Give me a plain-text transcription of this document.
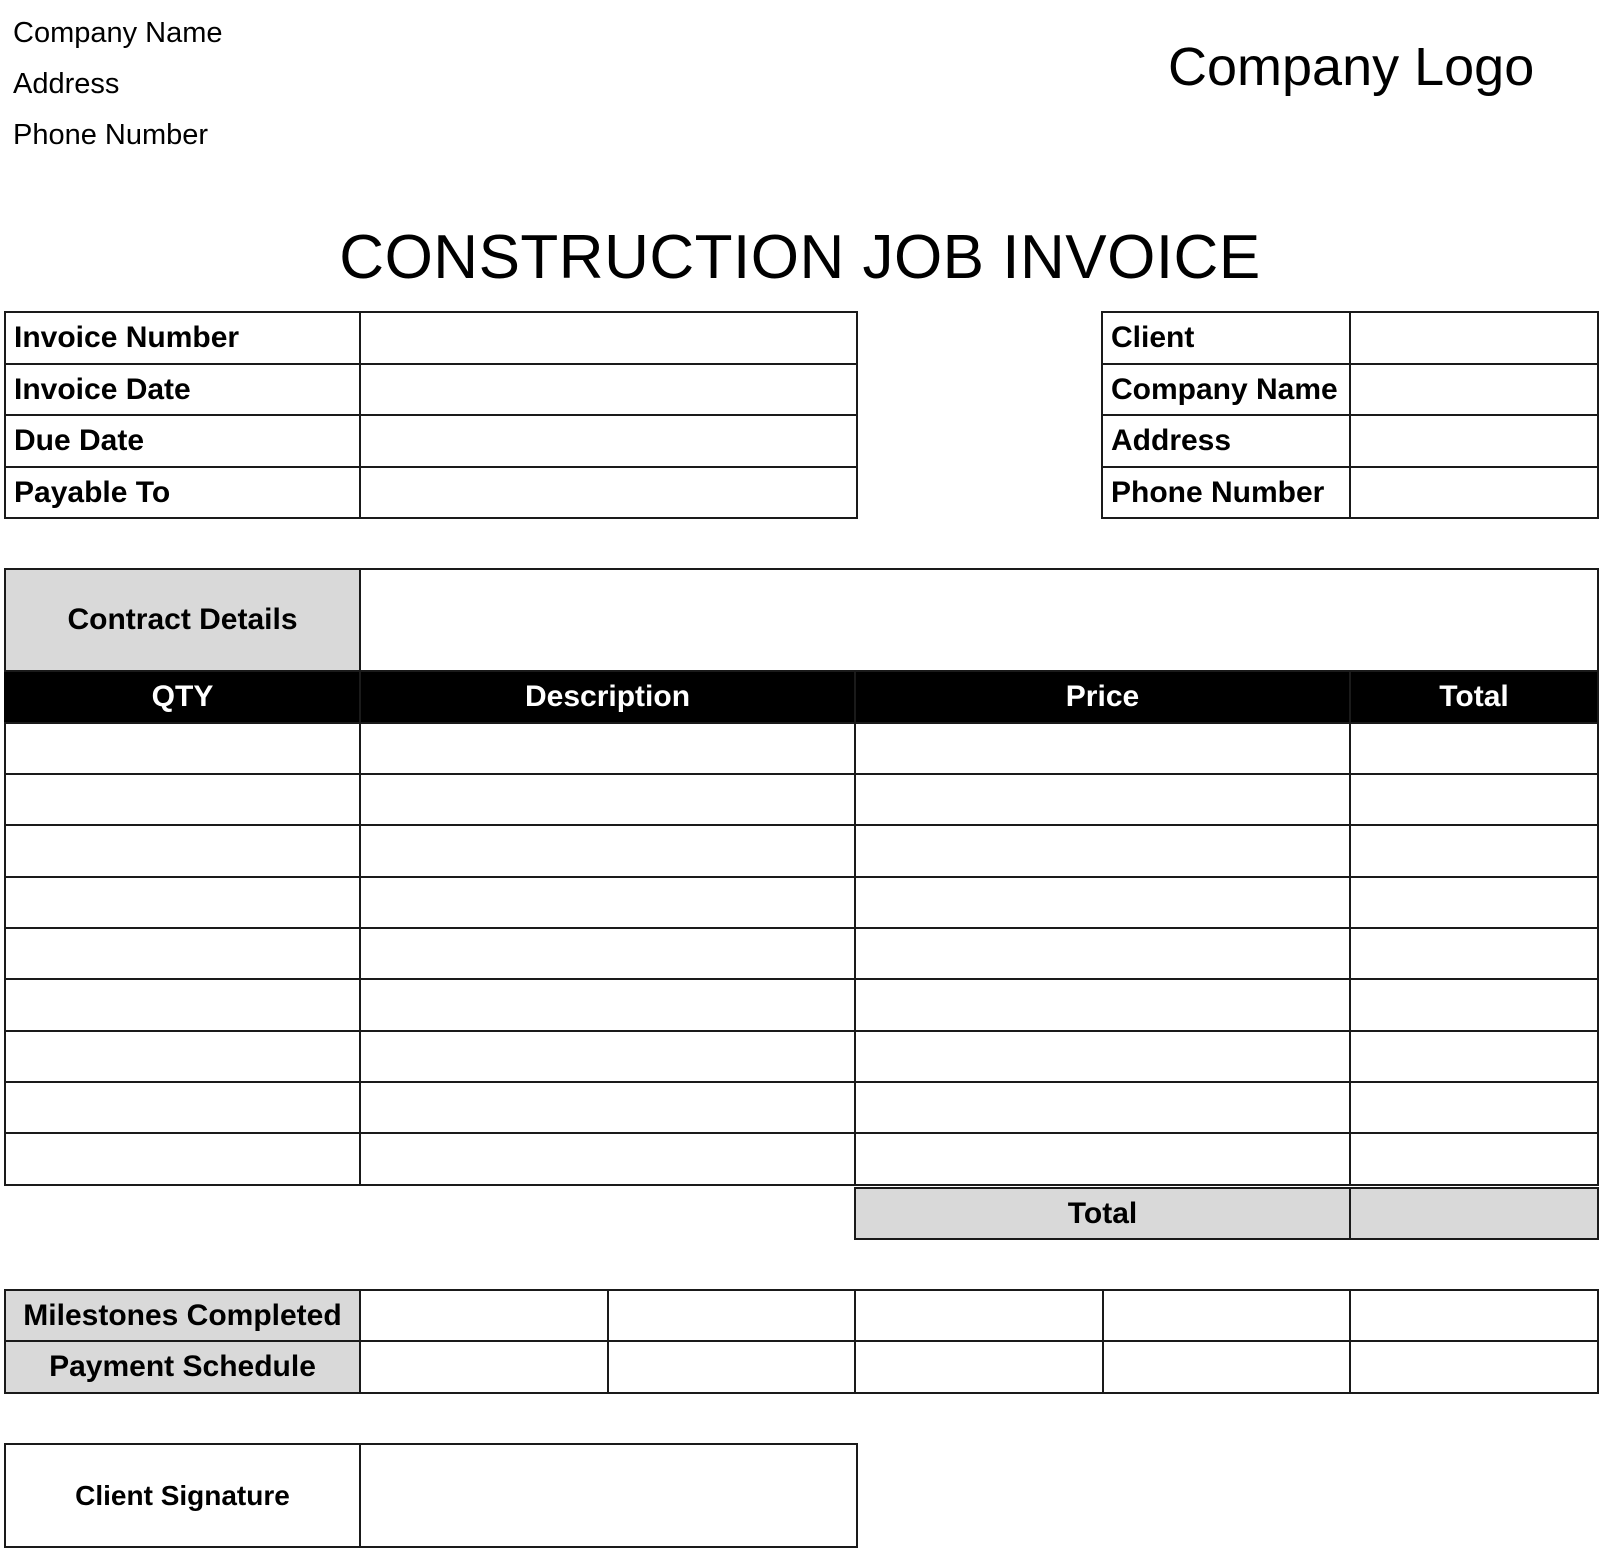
Company Name
Address
Phone Number
Company Logo
CONSTRUCTION JOB INVOICE
Invoice Number	
Invoice Date	
Due Date	
Payable To	
Client	
Company Name	
Address	
Phone Number	
Contract Details			
QTY	Description	Price	Total

Total	
Milestones Completed					
Payment Schedule					
Client Signature	
